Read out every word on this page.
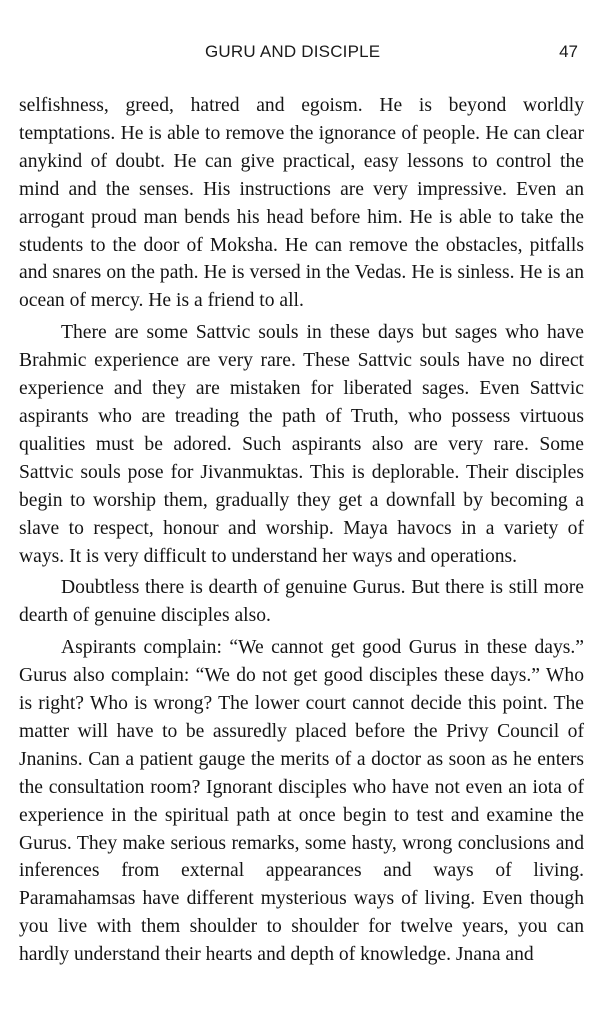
GURU AND DISCIPLE	47

selfishness, greed, hatred and egoism. He is beyond worldly temptations. He is able to remove the ignorance of people. He can clear anykind of doubt. He can give practical, easy lessons to control the mind and the senses. His instructions are very impressive. Even an arrogant proud man bends his head before him. He is able to take the students to the door of Moksha. He can remove the obstacles, pitfalls and snares on the path. He is versed in the Vedas. He is sinless. He is an ocean of mercy. He is a friend to all.

There are some Sattvic souls in these days but sages who have Brahmic experience are very rare. These Sattvic souls have no direct experience and they are mistaken for liberated sages. Even Sattvic aspirants who are treading the path of Truth, who possess virtuous qualities must be adored. Such aspirants also are very rare. Some Sattvic souls pose for Jivanmuktas. This is deplorable. Their disciples begin to worship them, gradually they get a downfall by becoming a slave to respect, honour and worship. Maya havocs in a variety of ways. It is very difficult to understand her ways and operations.

Doubtless there is dearth of genuine Gurus. But there is still more dearth of genuine disciples also.

Aspirants complain: “We cannot get good Gurus in these days.” Gurus also complain: “We do not get good disciples these days.” Who is right? Who is wrong? The lower court cannot decide this point. The matter will have to be assuredly placed before the Privy Council of Jnanins. Can a patient gauge the merits of a doctor as soon as he enters the consultation room? Ignorant disciples who have not even an iota of experience in the spiritual path at once begin to test and examine the Gurus. They make serious remarks, some hasty, wrong conclusions and inferences from external appearances and ways of living. Paramahamsas have different mysterious ways of living. Even though you live with them shoulder to shoulder for twelve years, you can hardly understand their hearts and depth of knowledge. Jnana and
